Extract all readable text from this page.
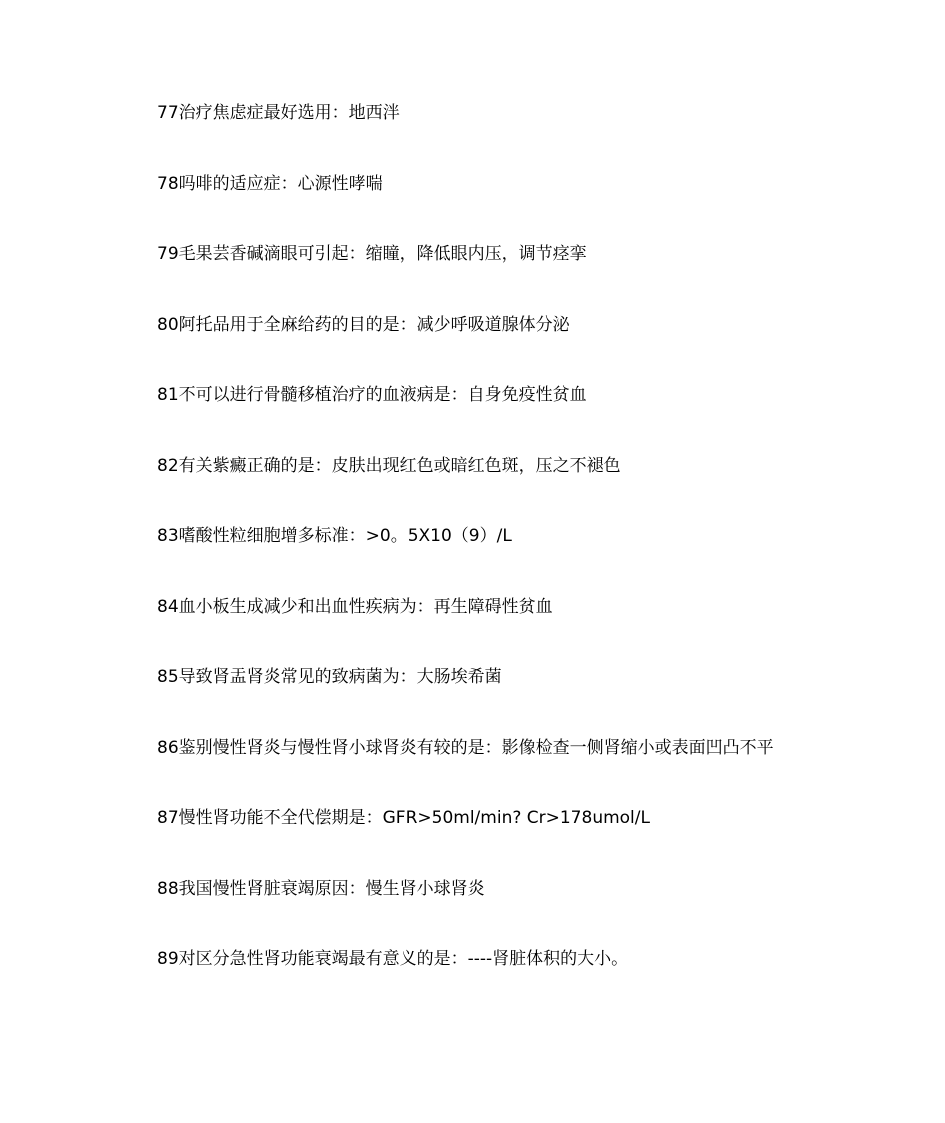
77治疗焦虑症最好选用：地西泮
78吗啡的适应症：心源性哮喘
79毛果芸香碱滴眼可引起：缩瞳，降低眼内压，调节痉挛
80阿托品用于全麻给药的目的是：减少呼吸道腺体分泌
81不可以进行骨髓移植治疗的血液病是：自身免疫性贫血
82有关紫癜正确的是：皮肤出现红色或暗红色斑，压之不褪色
83嗜酸性粒细胞增多标准：>0。5X10（9）/L
84血小板生成减少和出血性疾病为：再生障碍性贫血
85导致肾盂肾炎常见的致病菌为：大肠埃希菌
86鉴别慢性肾炎与慢性肾小球肾炎有较的是：影像检查一侧肾缩小或表面凹凸不平
87慢性肾功能不全代偿期是：GFR>50ml/min? Cr>178umol/L
88我国慢性肾脏衰竭原因：慢生肾小球肾炎
89对区分急性肾功能衰竭最有意义的是：----肾脏体积的大小。
